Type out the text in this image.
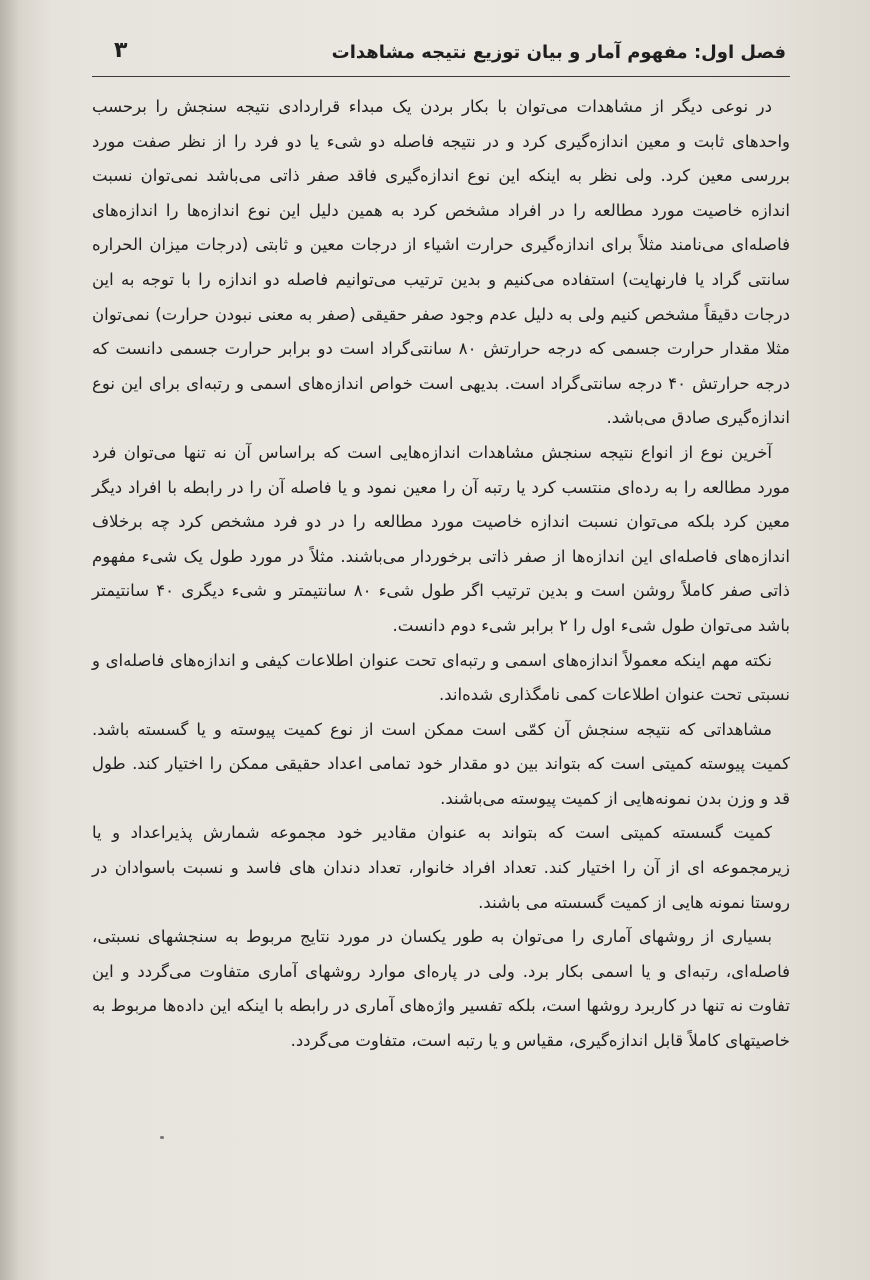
فصل اول: مفهوم آمار و بیان توزیع نتیجه مشاهدات
۳

در نوعی دیگر از مشاهدات می‌توان با بکار بردن یک مبداء قراردادی نتیجه سنجش را برحسب واحدهای ثابت و معین اندازه‌گیری کرد و در نتیجه فاصله دو شیء یا دو فرد را از نظر صفت مورد بررسی معین کرد. ولی نظر به اینکه این نوع اندازه‌گیری فاقد صفر ذاتی می‌باشد نمی‌توان نسبت اندازه خاصیت مورد مطالعه را در افراد مشخص کرد به همین دلیل این نوع اندازه‌ها را اندازه‌های فاصله‌ای می‌نامند مثلاً برای اندازه‌گیری حرارت اشیاء از درجات معین و ثابتی (درجات میزان الحراره سانتی گراد یا فارنهایت) استفاده می‌کنیم و بدین ترتیب می‌توانیم فاصله دو اندازه را با توجه به این درجات دقیقاً مشخص کنیم ولی به دلیل عدم وجود صفر حقیقی (صفر به معنی نبودن حرارت) نمی‌توان مثلا مقدار حرارت جسمی که درجه حرارتش ۸۰ سانتی‌گراد است دو برابر حرارت جسمی دانست که درجه حرارتش ۴۰ درجه سانتی‌گراد است. بدیهی است خواص اندازه‌های اسمی و رتبه‌ای برای این نوع اندازه‌گیری صادق می‌باشد.

آخرین نوع از انواع نتیجه سنجش مشاهدات اندازه‌هایی است که براساس آن نه تنها می‌توان فرد مورد مطالعه را به رده‌ای منتسب کرد یا رتبه آن را معین نمود و یا فاصله آن را در رابطه با افراد دیگر معین کرد بلکه می‌توان نسبت اندازه خاصیت مورد مطالعه را در دو فرد مشخص کرد چه برخلاف اندازه‌های فاصله‌ای این اندازه‌ها از صفر ذاتی برخوردار می‌باشند. مثلاً در مورد طول یک شیء مفهوم ذاتی صفر کاملاً روشن است و بدین ترتیب اگر طول شیء ۸۰ سانتیمتر و شیء دیگری ۴۰ سانتیمتر باشد می‌توان طول شیء اول را ۲ برابر شیء دوم دانست.

نکته مهم اینکه معمولاً اندازه‌های اسمی و رتبه‌ای تحت عنوان اطلاعات کیفی و اندازه‌های فاصله‌ای و نسبتی تحت عنوان اطلاعات کمی نامگذاری شده‌اند.

مشاهداتی که نتیجه سنجش آن کمّی است ممکن است از نوع کمیت پیوسته و یا گسسته باشد. کمیت پیوسته کمیتی است که بتواند بین دو مقدار خود تمامی اعداد حقیقی ممکن را اختیار کند. طول قد و وزن بدن نمونه‌هایی از کمیت پیوسته می‌باشند.

کمیت گسسته کمیتی است که بتواند به عنوان مقادیر خود مجموعه شمارش پذیراعداد و یا زیرمجموعه ای از آن را اختیار کند. تعداد افراد خانوار، تعداد دندان های فاسد و نسبت باسوادان در روستا نمونه هایی از کمیت گسسته می باشند.

بسیاری از روشهای آماری را می‌توان به طور یکسان در مورد نتایج مربوط به سنجشهای نسبتی، فاصله‌ای، رتبه‌ای و یا اسمی بکار برد. ولی در پاره‌ای موارد روشهای آماری متفاوت می‌گردد و این تفاوت نه تنها در کاربرد روشها است، بلکه تفسیر واژه‌های آماری در رابطه با اینکه این داده‌ها مربوط به خاصیتهای کاملاً قابل اندازه‌گیری، مقیاس و یا رتبه است، متفاوت می‌گردد.
